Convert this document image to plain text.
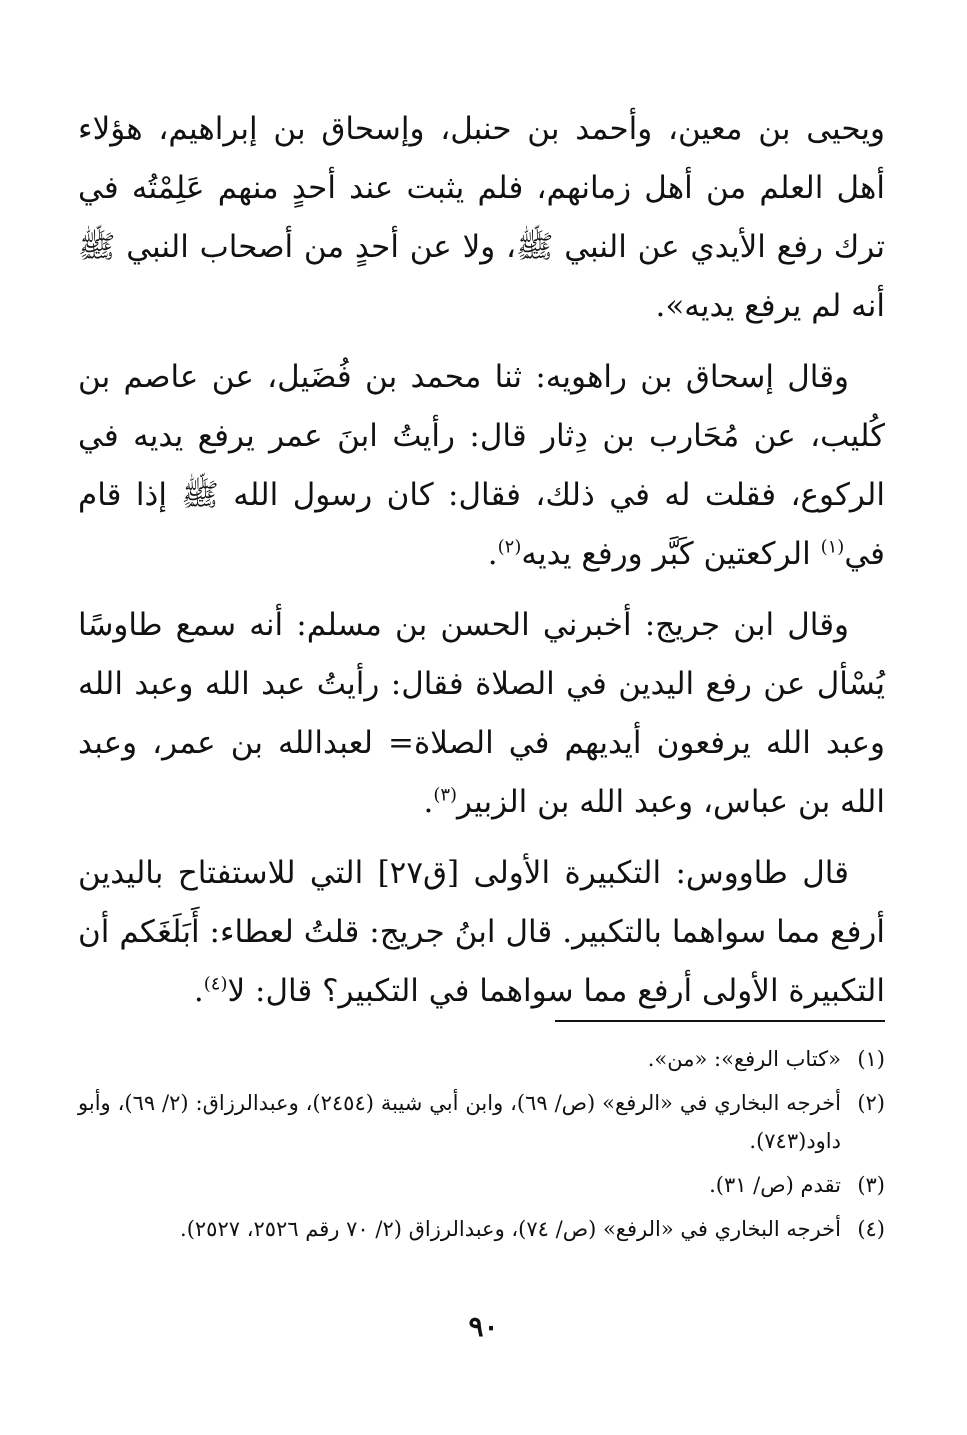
ويحيى بن معين، وأحمد بن حنبل، وإسحاق بن إبراهيم، هؤلاء أهل العلم من أهل زمانهم، فلم يثبت عند أحدٍ منهم عَلِمْتُه في ترك رفع الأيدي عن النبي ﷺ، ولا عن أحدٍ من أصحاب النبي ﷺ أنه لم يرفع يديه».

وقال إسحاق بن راهويه: ثنا محمد بن فُضَيل، عن عاصم بن كُليب، عن مُحَارب بن دِثار قال: رأيتُ ابنَ عمر يرفع يديه في الركوع، فقلت له في ذلك، فقال: كان رسول الله ﷺ إذا قام في$^{(١)}$ الركعتين كَبَّر ورفع يديه$^{(٢)}$.

وقال ابن جريج: أخبرني الحسن بن مسلم: أنه سمع طاوسًا يُسْأل عن رفع اليدين في الصلاة فقال: رأيتُ عبد الله وعبد الله وعبد الله يرفعون أيديهم في الصلاة= لعبدالله بن عمر، وعبد الله بن عباس، وعبد الله بن الزبير$^{(٣)}$.

قال طاووس: التكبيرة الأولى [ق٢٧] التي للاستفتاح باليدين أرفع مما سواهما بالتكبير. قال ابنُ جريج: قلتُ لعطاء: أَبَلَغَكم أن التكبيرة الأولى أرفع مما سواهما في التكبير؟ قال: لا$^{(٤)}$.

(١)
«كتاب الرفع»: «من».
(٢)
أخرجه البخاري في «الرفع» (ص/ ٦٩)، وابن أبي شيبة (٢٤٥٤)، وعبدالرزاق: (٢/ ٦٩)، وأبو داود(٧٤٣).
(٣)
تقدم (ص/ ٣١).
(٤)
أخرجه البخاري في «الرفع» (ص/ ٧٤)، وعبدالرزاق (٢/ ٧٠ رقم ٢٥٢٦، ٢٥٢٧).
٩٠
